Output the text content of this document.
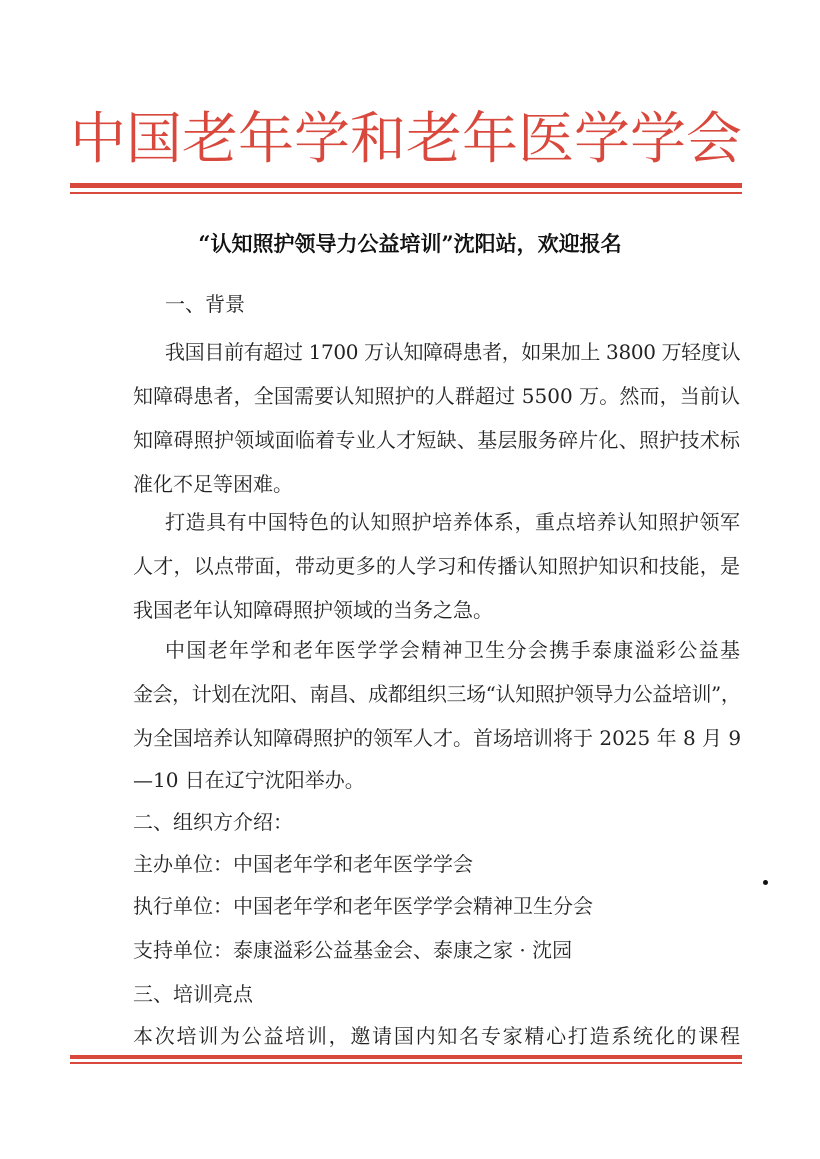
中国老年学和老年医学学会
“认知照护领导力公益培训”沈阳站，欢迎报名
一、背景
我国目前有超过 1700 万认知障碍患者，如果加上 3800 万轻度认
知障碍患者，全国需要认知照护的人群超过 5500 万。然而，当前认
知障碍照护领域面临着专业人才短缺、基层服务碎片化、照护技术标
准化不足等困难。
打造具有中国特色的认知照护培养体系，重点培养认知照护领军
人才，以点带面，带动更多的人学习和传播认知照护知识和技能，是
我国老年认知障碍照护领域的当务之急。
中国老年学和老年医学学会精神卫生分会携手泰康溢彩公益基
金会，计划在沈阳、南昌、成都组织三场“认知照护领导力公益培训”，
为全国培养认知障碍照护的领军人才。首场培训将于 2025 年 8 月 9
—10 日在辽宁沈阳举办。
二、组织方介绍：
主办单位：中国老年学和老年医学学会
执行单位：中国老年学和老年医学学会精神卫生分会
支持单位：泰康溢彩公益基金会、泰康之家 · 沈园
三、培训亮点
本次培训为公益培训，邀请国内知名专家精心打造系统化的课程
